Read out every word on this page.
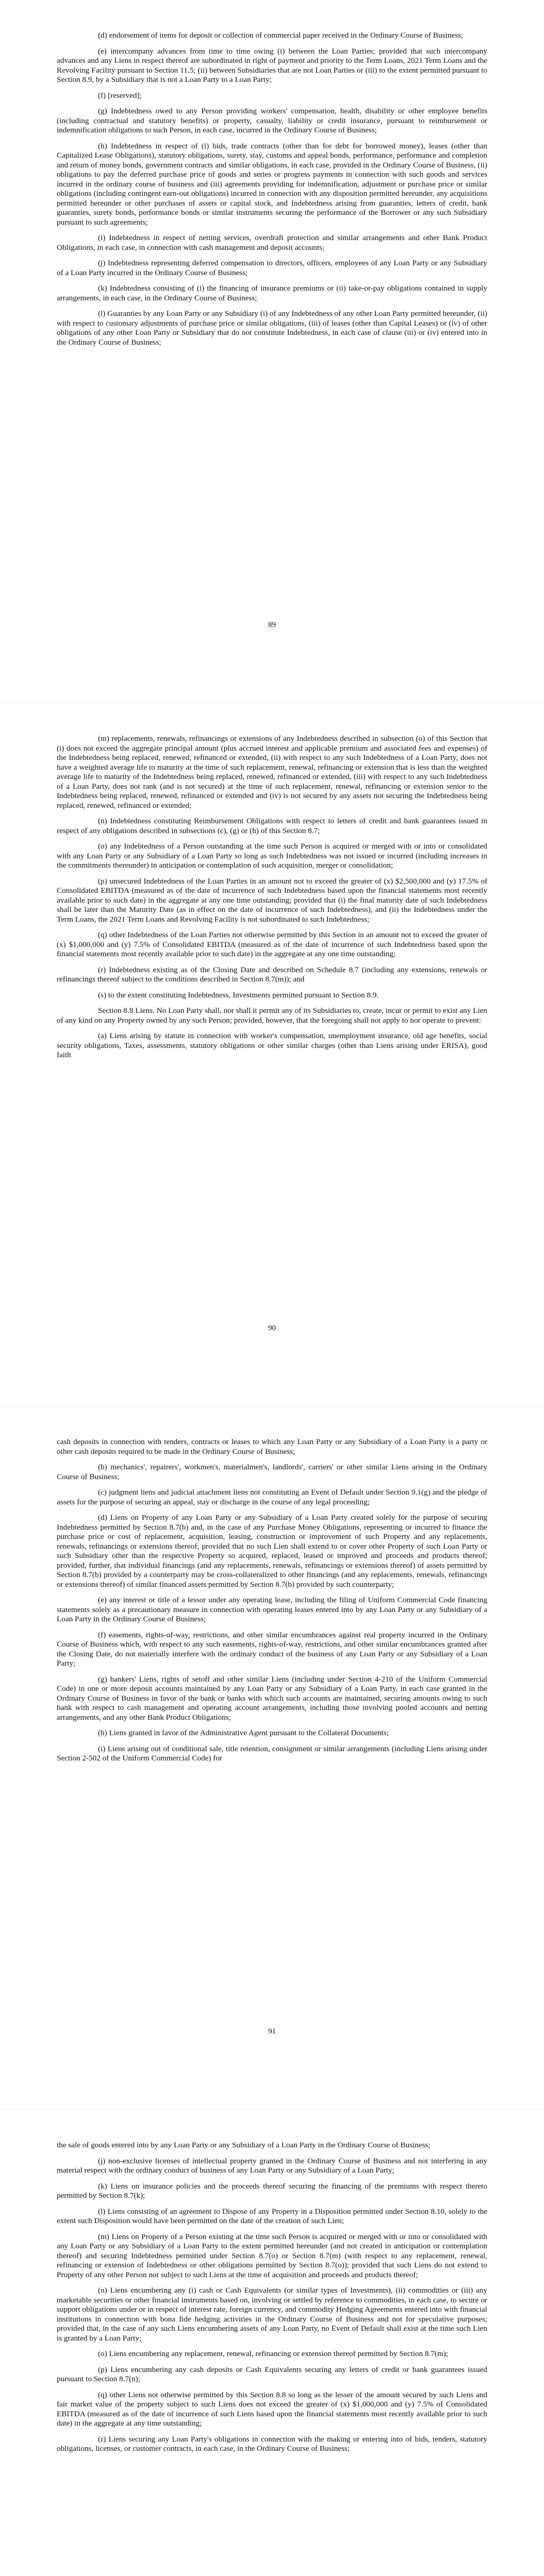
(d) endorsement of items for deposit or collection of commercial paper received in the Ordinary Course of Business;

(e) intercompany advances from time to time owing (i) between the Loan Parties; provided that such intercompany advances and any Liens in respect thereof are subordinated in right of payment and priority to the Term Loans, 2021 Term Loans and the Revolving Facility pursuant to Section 11.5; (ii) between Subsidiaries that are not Loan Parties or (iii) to the extent permitted pursuant to Section 8.9, by a Subsidiary that is not a Loan Party to a Loan Party;

(f) [reserved];

(g) Indebtedness owed to any Person providing workers' compensation, health, disability or other employee benefits (including contractual and statutory benefits) or property, casualty, liability or credit insurance, pursuant to reimbursement or indemnification obligations to such Person, in each case, incurred in the Ordinary Course of Business;

(h) Indebtedness in respect of (i) bids, trade contracts (other than for debt for borrowed money), leases (other than Capitalized Lease Obligations), statutory obligations, surety, stay, customs and appeal bonds, performance, performance and completion and return of money bonds, government contracts and similar obligations, in each case, provided in the Ordinary Course of Business, (ii) obligations to pay the deferred purchase price of goods and series or progress payments in connection with such goods and services incurred in the ordinary course of business and (iii) agreements providing for indemnification, adjustment or purchase price or similar obligations (including contingent earn-out obligations) incurred in connection with any disposition permitted hereunder, any acquisitions permitted hereunder or other purchases of assets or capital stock, and Indebtedness arising from guaranties, letters of credit, bank guaranties, surety bonds, performance bonds or similar instruments securing the performance of the Borrower or any such Subsidiary pursuant to such agreements;

(i) Indebtedness in respect of netting services, overdraft protection and similar arrangements and other Bank Product Obligations, in each case, in connection with cash management and deposit accounts;

(j) Indebtedness representing deferred compensation to directors, officers, employees of any Loan Party or any Subsidiary of a Loan Party incurred in the Ordinary Course of Business;

(k) Indebtedness consisting of (i) the financing of insurance premiums or (ii) take-or-pay obligations contained in supply arrangements, in each case, in the Ordinary Course of Business;

(l) Guaranties by any Loan Party or any Subsidiary (i) of any Indebtedness of any other Loan Party permitted hereunder, (ii) with respect to customary adjustments of purchase price or similar obligations, (iii) of leases (other than Capital Leases) or (iv) of other obligations of any other Loan Party or Subsidiary that do not constitute Indebtedness, in each case of clause (iii) or (iv) entered into in the Ordinary Course of Business;

89

(m) replacements, renewals, refinancings or extensions of any Indebtedness described in subsection (o) of this Section that (i) does not exceed the aggregate principal amount (plus accrued interest and applicable premium and associated fees and expenses) of the Indebtedness being replaced, renewed, refinanced or extended, (ii) with respect to any such Indebtedness of a Loan Party, does not have a weighted average life to maturity at the time of such replacement, renewal, refinancing or extension that is less than the weighted average life to maturity of the Indebtedness being replaced, renewed, refinanced or extended, (iii) with respect to any such Indebtedness of a Loan Party, does not rank (and is not secured) at the time of such replacement, renewal, refinancing or extension senior to the Indebtedness being replaced, renewed, refinanced or extended and (iv) is not secured by any assets not securing the Indebtedness being replaced, renewed, refinanced or extended;

(n) Indebtedness constituting Reimbursement Obligations with respect to letters of credit and bank guarantees issued in respect of any obligations described in subsections (c), (g) or (h) of this Section 8.7;

(o) any Indebtedness of a Person outstanding at the time such Person is acquired or merged with or into or consolidated with any Loan Party or any Subsidiary of a Loan Party so long as such Indebtedness was not issued or incurred (including increases in the commitments thereunder) in anticipation or contemplation of such acquisition, merger or consolidation;

(p) unsecured Indebtedness of the Loan Parties in an amount not to exceed the greater of (x) $2,500,000 and (y) 17.5% of Consolidated EBITDA (measured as of the date of incurrence of such Indebtedness based upon the financial statements most recently available prior to such date) in the aggregate at any one time outstanding; provided that (i) the final maturity date of such Indebtedness shall be later than the Maturity Date (as in effect on the date of incurrence of such Indebtedness), and (ii) the Indebtedness under the Term Loans, the 2021 Term Loans and Revolving Facility is not subordinated to such Indebtedness;

(q) other Indebtedness of the Loan Parties not otherwise permitted by this Section in an amount not to exceed the greater of (x) $1,000,000 and (y) 7.5% of Consolidated EBITDA (measured as of the date of incurrence of such Indebtedness based upon the financial statements most recently available prior to such date) in the aggregate at any one time outstanding;

(r) Indebtedness existing as of the Closing Date and described on Schedule 8.7 (including any extensions, renewals or refinancings thereof subject to the conditions described in Section 8.7(m)); and

(s) to the extent constituting Indebtedness, Investments permitted pursuant to Section 8.9.

Section 8.8 Liens. No Loan Party shall, nor shall it permit any of its Subsidiaries to, create, incur or permit to exist any Lien of any kind on any Property owned by any such Person; provided, however, that the foregoing shall not apply to nor operate to prevent:

(a) Liens arising by statute in connection with worker's compensation, unemployment insurance, old age benefits, social security obligations, Taxes, assessments, statutory obligations or other similar charges (other than Liens arising under ERISA), good faith

90

cash deposits in connection with tenders, contracts or leases to which any Loan Party or any Subsidiary of a Loan Party is a party or other cash deposits required to be made in the Ordinary Course of Business;

(b) mechanics', repairers', workmen's, materialmen's, landlords', carriers' or other similar Liens arising in the Ordinary Course of Business;

(c) judgment liens and judicial attachment liens not constituting an Event of Default under Section 9.1(g) and the pledge of assets for the purpose of securing an appeal, stay or discharge in the course of any legal proceeding;

(d) Liens on Property of any Loan Party or any Subsidiary of a Loan Party created solely for the purpose of securing Indebtedness permitted by Section 8.7(b) and, in the case of any Purchase Money Obligations, representing or incurred to finance the purchase price or cost of replacement, acquisition, leasing, construction or improvement of such Property and any replacements, renewals, refinancings or extensions thereof; provided that no such Lien shall extend to or cover other Property of such Loan Party or such Subsidiary other than the respective Property so acquired, replaced, leased or improved and proceeds and products thereof; provided, further, that individual financings (and any replacements, renewals, refinancings or extensions thereof) of assets permitted by Section 8.7(b) provided by a counterparty may be cross-collateralized to other financings (and any replacements, renewals, refinancings or extensions thereof) of similar financed assets permitted by Section 8.7(b) provided by such counterparty;

(e) any interest or title of a lessor under any operating lease, including the filing of Uniform Commercial Code financing statements solely as a precautionary measure in connection with operating leases entered into by any Loan Party or any Subsidiary of a Loan Party in the Ordinary Course of Business;

(f) easements, rights-of-way, restrictions, and other similar encumbrances against real property incurred in the Ordinary Course of Business which, with respect to any such easements, rights-of-way, restrictions, and other similar encumbrances granted after the Closing Date, do not materially interfere with the ordinary conduct of the business of any Loan Party or any Subsidiary of a Loan Party;

(g) bankers' Liens, rights of setoff and other similar Liens (including under Section 4-210 of the Uniform Commercial Code) in one or more deposit accounts maintained by any Loan Party or any Subsidiary of a Loan Party, in each case granted in the Ordinary Course of Business in favor of the bank or banks with which such accounts are maintained, securing amounts owing to such bank with respect to cash management and operating account arrangements, including those involving pooled accounts and netting arrangements, and any other Bank Product Obligations;

(h) Liens granted in favor of the Administrative Agent pursuant to the Collateral Documents;

(i) Liens arising out of conditional sale, title retention, consignment or similar arrangements (including Liens arising under Section 2-502 of the Uniform Commercial Code) for

91

the sale of goods entered into by any Loan Party or any Subsidiary of a Loan Party in the Ordinary Course of Business;

(j) non-exclusive licenses of intellectual property granted in the Ordinary Course of Business and not interfering in any material respect with the ordinary conduct of business of any Loan Party or any Subsidiary of a Loan Party;

(k) Liens on insurance policies and the proceeds thereof securing the financing of the premiums with respect thereto permitted by Section 8.7(k);

(l) Liens consisting of an agreement to Dispose of any Property in a Disposition permitted under Section 8.10, solely to the extent such Disposition would have been permitted on the date of the creation of such Lien;

(m) Liens on Property of a Person existing at the time such Person is acquired or merged with or into or consolidated with any Loan Party or any Subsidiary of a Loan Party to the extent permitted hereunder (and not created in anticipation or contemplation thereof) and securing Indebtedness permitted under Section 8.7(o) or Section 8.7(m) (with respect to any replacement, renewal, refinancing or extension of Indebtedness or other obligations permitted by Section 8.7(o)); provided that such Liens do not extend to Property of any other Person not subject to such Liens at the time of acquisition and proceeds and products thereof;

(n) Liens encumbering any (i) cash or Cash Equivalents (or similar types of Investments), (ii) commodities or (iii) any marketable securities or other financial instruments based on, involving or settled by reference to commodities, in each case, to secure or support obligations under or in respect of interest rate, foreign currency, and commodity Hedging Agreements entered into with financial institutions in connection with bona fide hedging activities in the Ordinary Course of Business and not for speculative purposes; provided that, in the case of any such Liens encumbering assets of any Loan Party, no Event of Default shall exist at the time such Lien is granted by a Loan Party;

(o) Liens encumbering any replacement, renewal, refinancing or extension thereof permitted by Section 8.7(m);

(p) Liens encumbering any cash deposits or Cash Equivalents securing any letters of credit or bank guarantees issued pursuant to Section 8.7(n);

(q) other Liens not otherwise permitted by this Section 8.8 so long as the lesser of the amount secured by such Liens and fair market value of the property subject to such Liens does not exceed the greater of (x) $1,000,000 and (y) 7.5% of Consolidated EBITDA (measured as of the date of incurrence of such Liens based upon the financial statements most recently available prior to such date) in the aggregate at any time outstanding;

(r) Liens securing any Loan Party's obligations in connection with the making or entering into of bids, tenders, statutory obligations, licenses, or customer contracts, in each case, in the Ordinary Course of Business;
